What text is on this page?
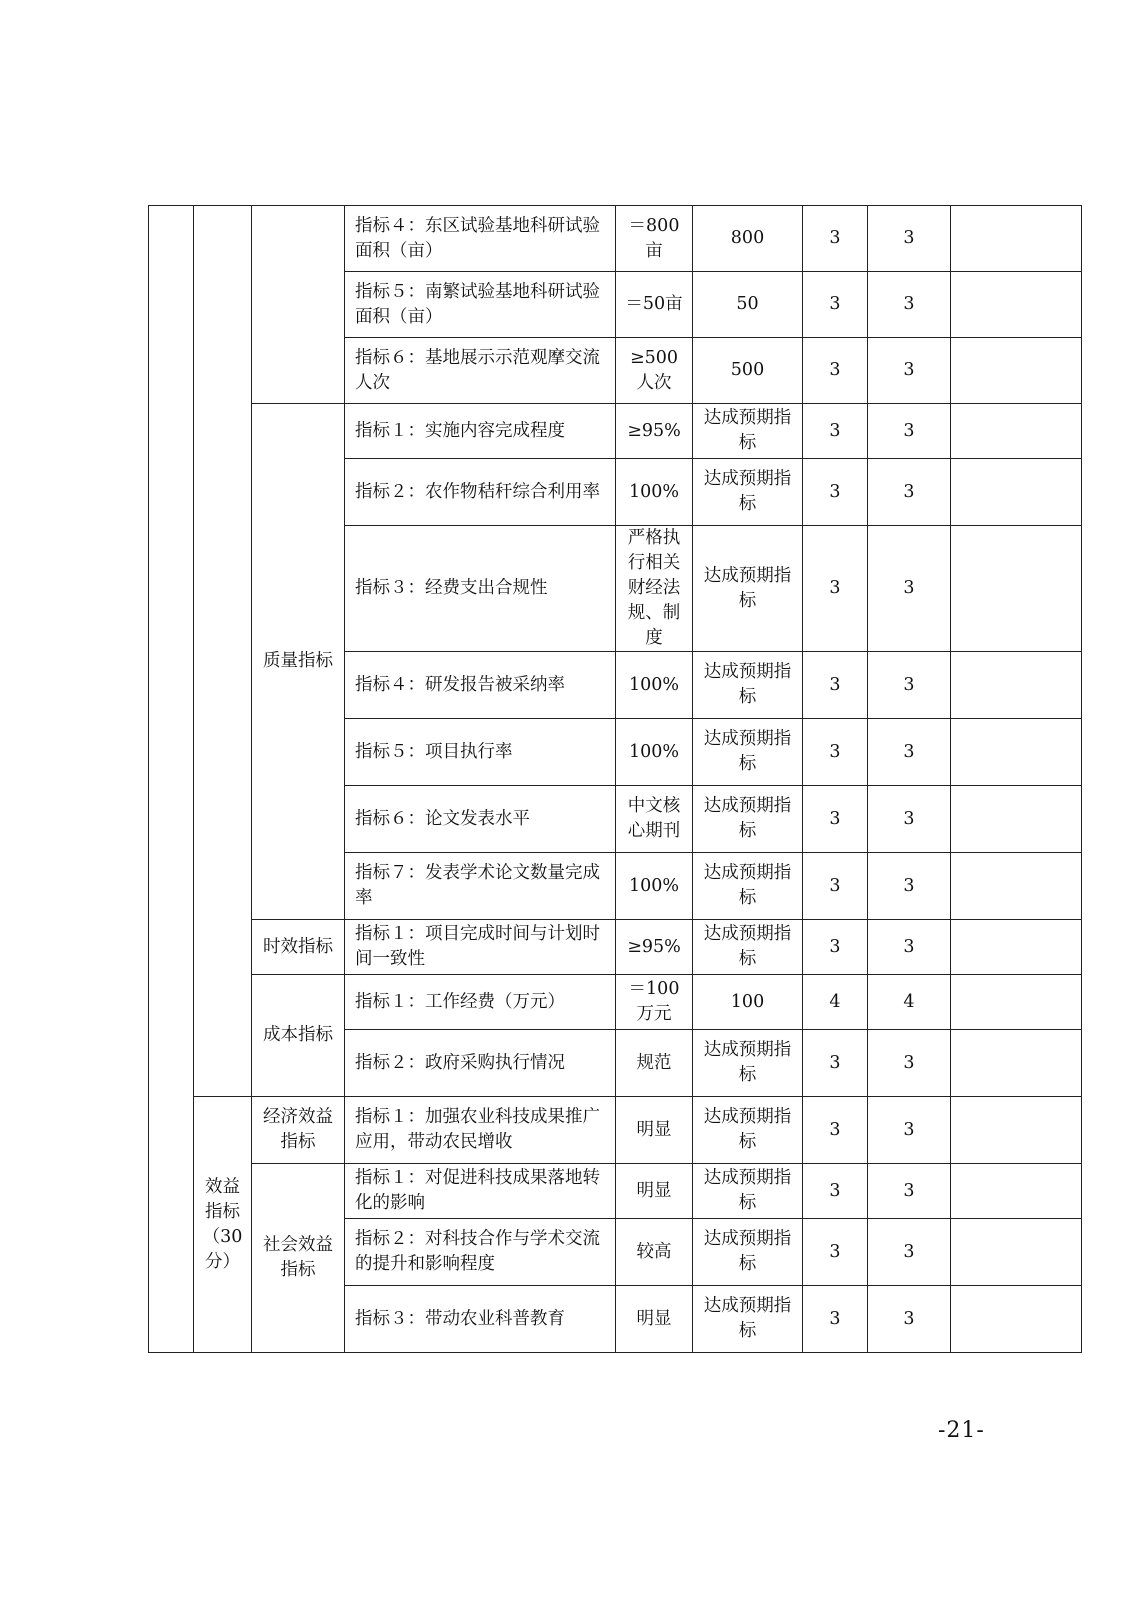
			指标４：东区试验基地科研试验面积（亩）	＝800亩	800	3	3	
			指标５：南繁试验基地科研试验面积（亩）	＝50亩	50	3	3	
			指标６：基地展示示范观摩交流人次	≥500人次	500	3	3	
		质量指标	指标１：实施内容完成程度	≥95%	达成预期指标	3	3	
			指标２：农作物秸秆综合利用率	100%	达成预期指标	3	3	
			指标３：经费支出合规性	严格执行相关财经法规、制度	达成预期指标	3	3	
			指标４：研发报告被采纳率	100%	达成预期指标	3	3	
			指标５：项目执行率	100%	达成预期指标	3	3	
			指标６：论文发表水平	中文核心期刊	达成预期指标	3	3	
			指标７：发表学术论文数量完成率	100%	达成预期指标	3	3	
		时效指标	指标１：项目完成时间与计划时间一致性	≥95%	达成预期指标	3	3	
		成本指标	指标１：工作经费（万元）	＝100万元	100	4	4	
			指标２：政府采购执行情况	规范	达成预期指标	3	3	
	效益指标（30分）	经济效益指标	指标１：加强农业科技成果推广应用，带动农民增收	明显	达成预期指标	3	3	
		社会效益指标	指标１：对促进科技成果落地转化的影响	明显	达成预期指标	3	3	
			指标２：对科技合作与学术交流的提升和影响程度	较高	达成预期指标	3	3	
			指标３：带动农业科普教育	明显	达成预期指标	3	3	
-21-
